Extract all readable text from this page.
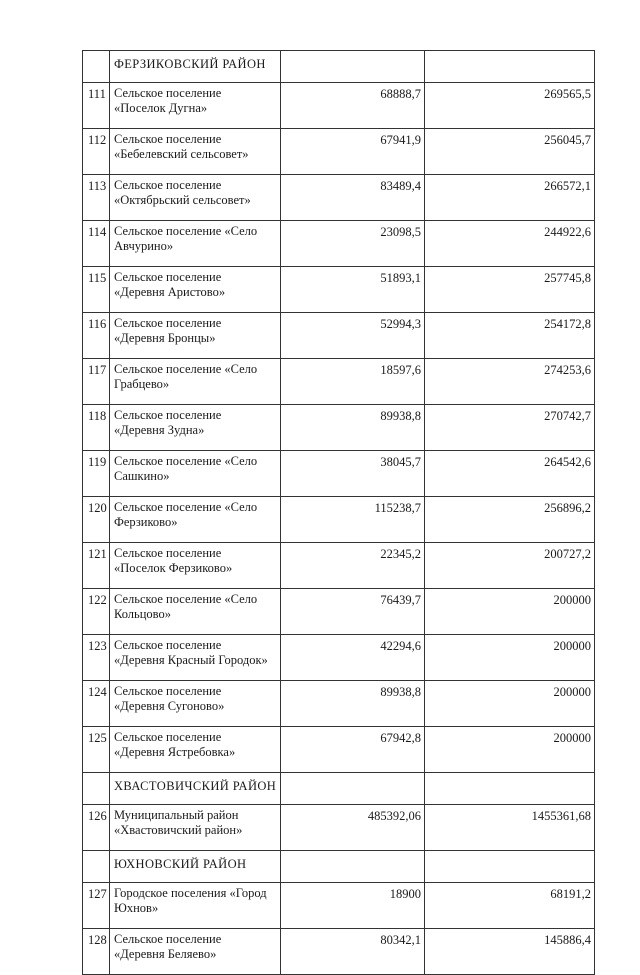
	ФЕРЗИКОВСКИЙ РАЙОН		
111	Сельское поселение
«Поселок Дугна»	68888,7	269565,5
112	Сельское поселение
«Бебелевский сельсовет»	67941,9	256045,7
113	Сельское поселение
«Октябрьский сельсовет»	83489,4	266572,1
114	Сельское поселение «Село
Авчурино»	23098,5	244922,6
115	Сельское поселение
«Деревня Аристово»	51893,1	257745,8
116	Сельское поселение
«Деревня Бронцы»	52994,3	254172,8
117	Сельское поселение «Село
Грабцево»	18597,6	274253,6
118	Сельское поселение
«Деревня Зудна»	89938,8	270742,7
119	Сельское поселение «Село
Сашкино»	38045,7	264542,6
120	Сельское поселение «Село
Ферзиково»	115238,7	256896,2
121	Сельское поселение
«Поселок Ферзиково»	22345,2	200727,2
122	Сельское поселение «Село
Кольцово»	76439,7	200000
123	Сельское поселение
«Деревня Красный Городок»	42294,6	200000
124	Сельское поселение
«Деревня Сугоново»	89938,8	200000
125	Сельское поселение
«Деревня Ястребовка»	67942,8	200000
	ХВАСТОВИЧСКИЙ РАЙОН		
126	Муниципальный район
«Хвастовичский район»	485392,06	1455361,68
	ЮХНОВСКИЙ РАЙОН		
127	Городское поселения «Город
Юхнов»	18900	68191,2
128	Сельское поселение
«Деревня Беляево»	80342,1	145886,4
